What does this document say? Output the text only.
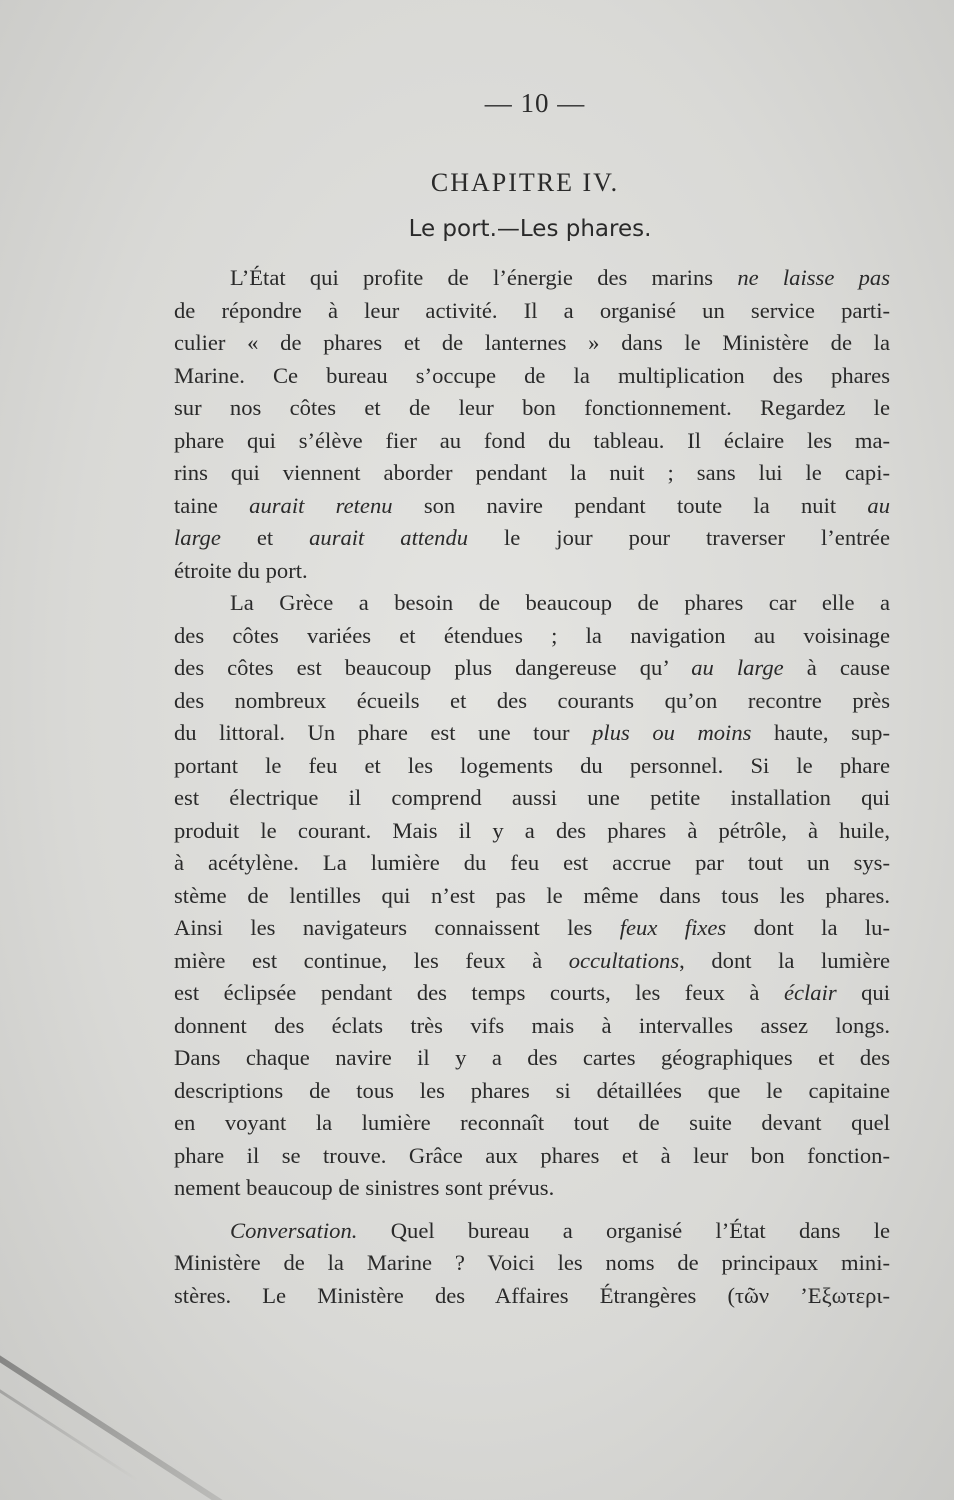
— 10 —
CHAPITRE IV.
Le port.—Les phares.
L’État qui profite de l’énergie des marins ne laisse pas
de répondre à leur activité. Il a organisé un service parti-
culier « de phares et de lanternes » dans le Ministère de la
Marine. Ce bureau s’occupe de la multiplication des phares
sur nos côtes et de leur bon fonctionnement. Regardez le
phare qui s’élève fier au fond du tableau. Il éclaire les ma-
rins qui viennent aborder pendant la nuit ; sans lui le capi-
taine aurait retenu son navire pendant toute la nuit au
large et aurait attendu le jour pour traverser l’entrée
étroite du port.
La Grèce a besoin de beaucoup de phares car elle a
des côtes variées et étendues ; la navigation au voisinage
des côtes est beaucoup plus dangereuse qu’ au large à cause
des nombreux écueils et des courants qu’on recontre près
du littoral. Un phare est une tour plus ou moins haute, sup-
portant le feu et les logements du personnel. Si le phare
est électrique il comprend aussi une petite installation qui
produit le courant. Mais il y a des phares à pétrôle, à huile,
à acétylène. La lumière du feu est accrue par tout un sys-
stème de lentilles qui n’est pas le même dans tous les phares.
Ainsi les navigateurs connaissent les feux fixes dont la lu-
mière est continue, les feux à occultations, dont la lumière
est éclipsée pendant des temps courts, les feux à éclair qui
donnent des éclats très vifs mais à intervalles assez longs.
Dans chaque navire il y a des cartes géographiques et des
descriptions de tous les phares si détaillées que le capitaine
en voyant la lumière reconnaît tout de suite devant quel
phare il se trouve. Grâce aux phares et à leur bon fonction-
nement beaucoup de sinistres sont prévus.
Conversation. Quel bureau a organisé l’État dans le
Ministère de la Marine ? Voici les noms de principaux mini-
stères. Le Ministère des Affaires Étrangères (τῶν ’Εξωτερι-
